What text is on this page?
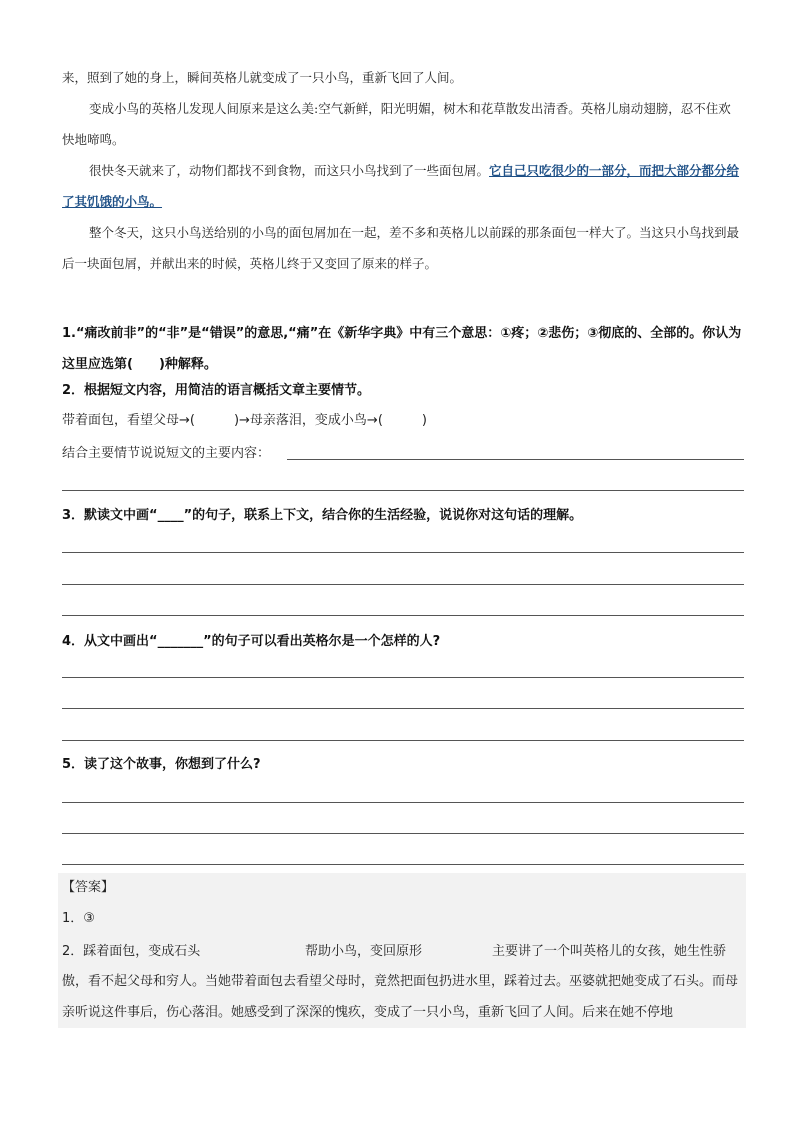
来，照到了她的身上，瞬间英格儿就变成了一只小鸟，重新飞回了人间。

变成小鸟的英格儿发现人间原来是这么美:空气新鲜，阳光明媚，树木和花草散发出清香。英格儿扇动翅膀，忍不住欢快地啼鸣。

很快冬天就来了，动物们都找不到食物，而这只小鸟找到了一些面包屑。它自己只吃很少的一部分，而把大部分都分给了其饥饿的小鸟。

整个冬天，这只小鸟送给别的小鸟的面包屑加在一起，差不多和英格儿以前踩的那条面包一样大了。当这只小鸟找到最后一块面包屑，并献出来的时候，英格儿终于又变回了原来的样子。

1.“痛改前非”的“非”是“错误”的意思,“痛”在《新华字典》中有三个意思：①疼；②悲伤；③彻底的、全部的。你认为这里应选第(　　)种解释。
2．根据短文内容，用简洁的语言概括文章主要情节。
带着面包，看望父母→(　　　)→母亲落泪，变成小鸟→(　　　)
结合主要情节说说短文的主要内容：
3．默读文中画“____”的句子，联系上下文，结合你的生活经验，说说你对这句话的理解。
4．从文中画出“_______”的句子可以看出英格尔是一个怎样的人?
5．读了这个故事，你想到了什么?
【答案】
1．③
2．踩着面包，变成石头	帮助小鸟，变回原形	主要讲了一个叫英格儿的女孩，她生性骄
傲，看不起父母和穷人。当她带着面包去看望父母时，竟然把面包扔进水里，踩着过去。巫婆就把她变成了石头。而母亲听说这件事后，伤心落泪。她感受到了深深的愧疚，变成了一只小鸟，重新飞回了人间。后来在她不停地
